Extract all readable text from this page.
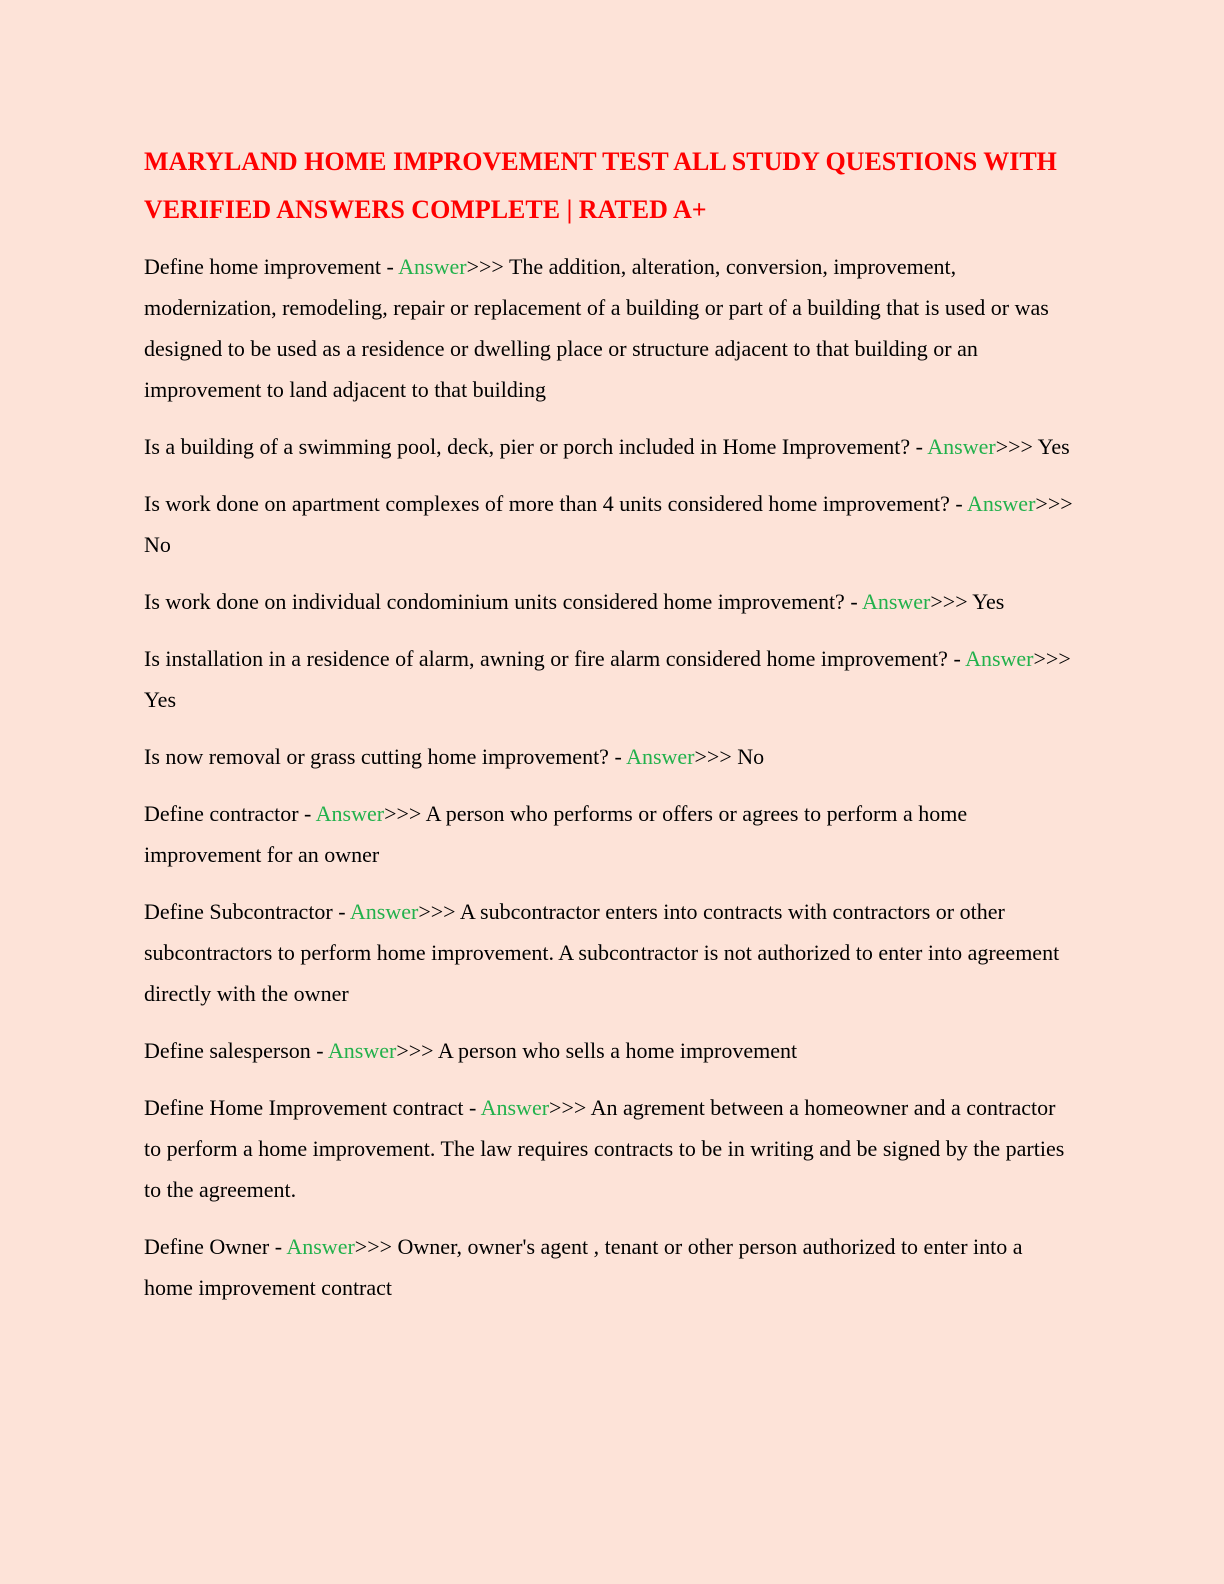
MARYLAND HOME IMPROVEMENT TEST ALL STUDY QUESTIONS WITH VERIFIED ANSWERS COMPLETE | RATED A+

Define home improvement - Answer>>> The addition, alteration, conversion, improvement, modernization, remodeling, repair or replacement of a building or part of a building that is used or was designed to be used as a residence or dwelling place or structure adjacent to that building or an improvement to land adjacent to that building

Is a building of a swimming pool, deck, pier or porch included in Home Improvement? - Answer>>> Yes

Is work done on apartment complexes of more than 4 units considered home improvement? - Answer>>> No

Is work done on individual condominium units considered home improvement? - Answer>>> Yes

Is installation in a residence of alarm, awning or fire alarm considered home improvement? - Answer>>> Yes

Is now removal or grass cutting home improvement? - Answer>>> No

Define contractor - Answer>>> A person who performs or offers or agrees to perform a home improvement for an owner

Define Subcontractor - Answer>>> A subcontractor enters into contracts with contractors or other subcontractors to perform home improvement. A subcontractor is not authorized to enter into agreement directly with the owner

Define salesperson - Answer>>> A person who sells a home improvement

Define Home Improvement contract - Answer>>> An agrement between a homeowner and a contractor to perform a home improvement. The law requires contracts to be in writing and be signed by the parties to the agreement.

Define Owner - Answer>>> Owner, owner's agent , tenant or other person authorized to enter into a home improvement contract
